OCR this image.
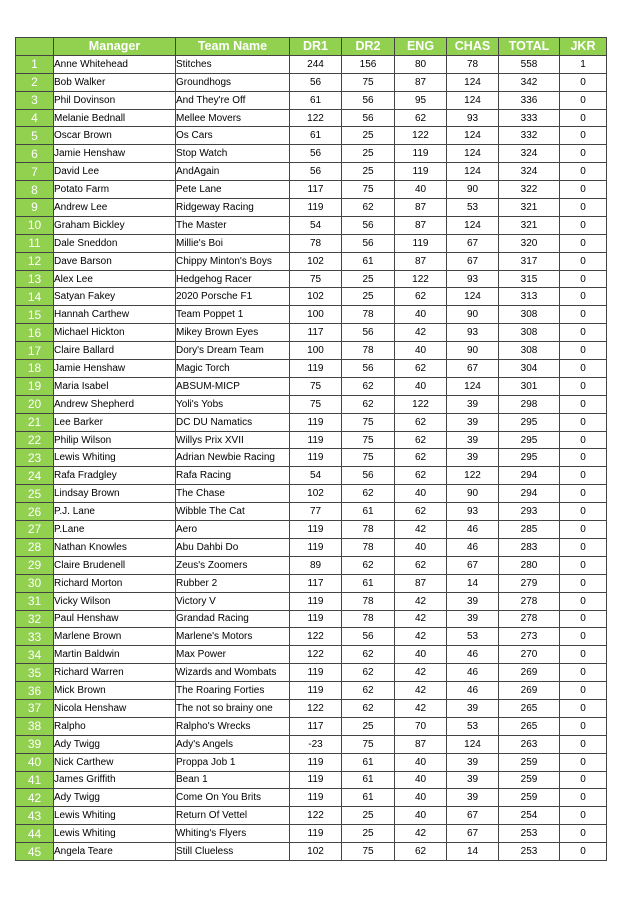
	Manager	Team Name	DR1	DR2	ENG	CHAS	TOTAL	JKR
1	Anne Whitehead	Stitches	244	156	80	78	558	1
2	Bob Walker	Groundhogs	56	75	87	124	342	0
3	Phil Dovinson	And They're Off	61	56	95	124	336	0
4	Melanie Bednall	Mellee Movers	122	56	62	93	333	0
5	Oscar Brown	Os Cars	61	25	122	124	332	0
6	Jamie Henshaw	Stop Watch	56	25	119	124	324	0
7	David Lee	AndAgain	56	25	119	124	324	0
8	Potato Farm	Pete Lane	117	75	40	90	322	0
9	Andrew Lee	Ridgeway Racing	119	62	87	53	321	0
10	Graham Bickley	The Master	54	56	87	124	321	0
11	Dale Sneddon	Millie's Boi	78	56	119	67	320	0
12	Dave Barson	Chippy Minton's Boys	102	61	87	67	317	0
13	Alex Lee	Hedgehog Racer	75	25	122	93	315	0
14	Satyan Fakey	2020 Porsche F1	102	25	62	124	313	0
15	Hannah Carthew	Team Poppet 1	100	78	40	90	308	0
16	Michael Hickton	Mikey Brown Eyes	117	56	42	93	308	0
17	Claire Ballard	Dory's Dream Team	100	78	40	90	308	0
18	Jamie Henshaw	Magic Torch	119	56	62	67	304	0
19	Maria Isabel	ABSUM-MICP	75	62	40	124	301	0
20	Andrew Shepherd	Yoli's Yobs	75	62	122	39	298	0
21	Lee Barker	DC DU Namatics	119	75	62	39	295	0
22	Philip Wilson	Willys Prix XVII	119	75	62	39	295	0
23	Lewis Whiting	Adrian Newbie Racing	119	75	62	39	295	0
24	Rafa Fradgley	Rafa Racing	54	56	62	122	294	0
25	Lindsay Brown	The Chase	102	62	40	90	294	0
26	P.J. Lane	Wibble The Cat	77	61	62	93	293	0
27	P.Lane	Aero	119	78	42	46	285	0
28	Nathan Knowles	Abu Dahbi Do	119	78	40	46	283	0
29	Claire Brudenell	Zeus's Zoomers	89	62	62	67	280	0
30	Richard Morton	Rubber 2	117	61	87	14	279	0
31	Vicky Wilson	Victory V	119	78	42	39	278	0
32	Paul Henshaw	Grandad Racing	119	78	42	39	278	0
33	Marlene Brown	Marlene's Motors	122	56	42	53	273	0
34	Martin Baldwin	Max Power	122	62	40	46	270	0
35	Richard Warren	Wizards and Wombats	119	62	42	46	269	0
36	Mick Brown	The Roaring Forties	119	62	42	46	269	0
37	Nicola Henshaw	The not so brainy one	122	62	42	39	265	0
38	Ralpho	Ralpho's Wrecks	117	25	70	53	265	0
39	Ady Twigg	Ady's Angels	-23	75	87	124	263	0
40	Nick Carthew	Proppa Job 1	119	61	40	39	259	0
41	James Griffith	Bean 1	119	61	40	39	259	0
42	Ady Twigg	Come On You Brits	119	61	40	39	259	0
43	Lewis Whiting	Return Of Vettel	122	25	40	67	254	0
44	Lewis Whiting	Whiting's Flyers	119	25	42	67	253	0
45	Angela Teare	Still Clueless	102	75	62	14	253	0
